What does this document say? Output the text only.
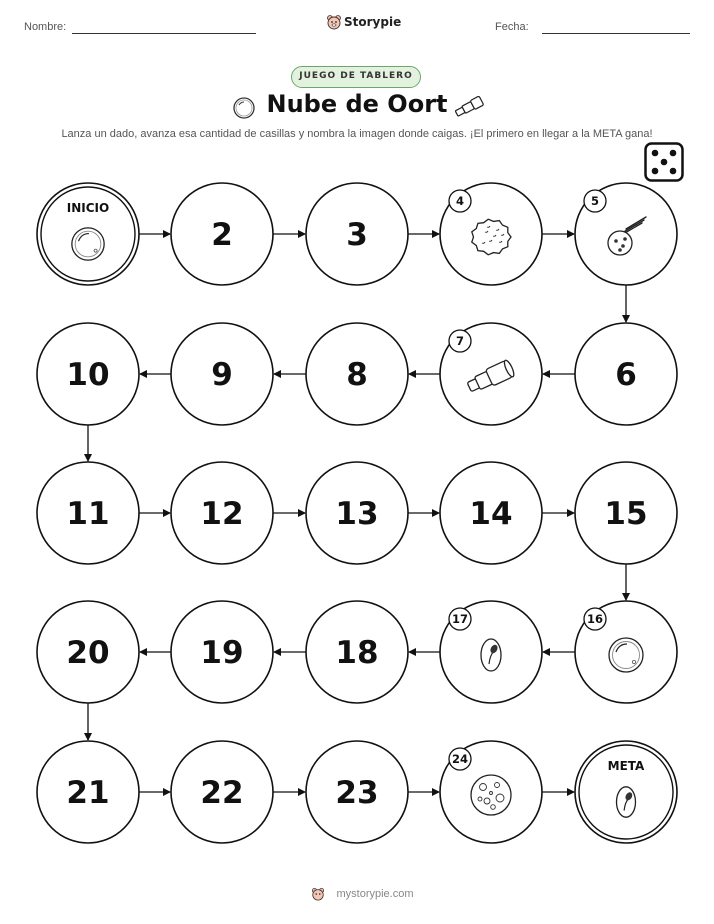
Nombre:	Storypie	Fecha:
JUEGO DE TABLERO
Nube de Oort
Lanza un dado, avanza esa cantidad de casillas y nombra la imagen donde caigas. ¡El primero en llegar a la META gana!
INICIO
2	3
4	5
6
7
8
9
10
11	12	13	14	15
16
17
18
19
20
21	22	23
24	META
mystorypie.com
